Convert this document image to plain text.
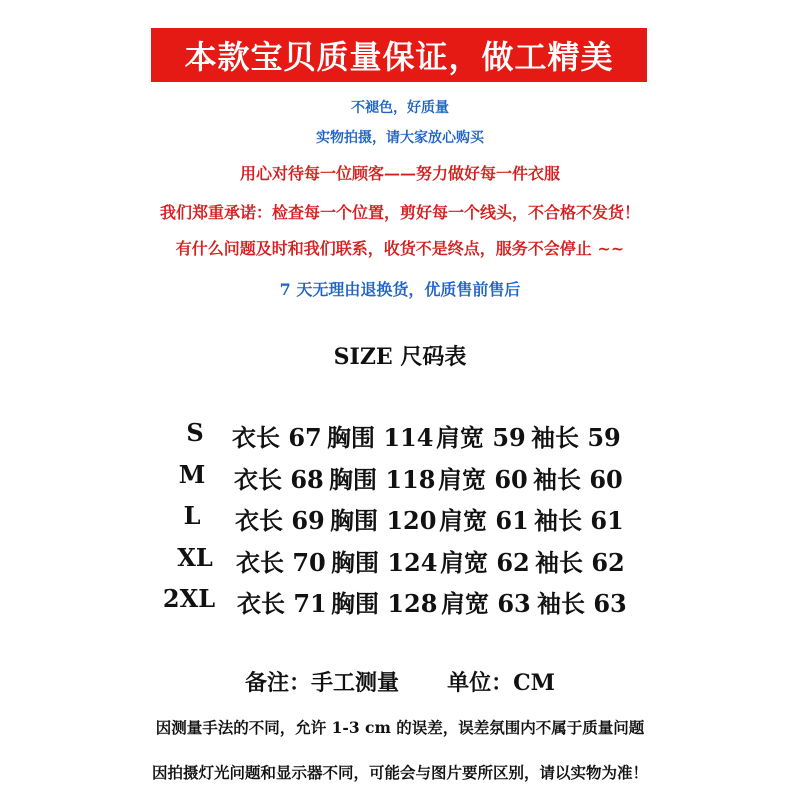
本款宝贝质量保证，做工精美
不褪色，好质量
实物拍摄，请大家放心购买
用心对待每一位顾客——努力做好每一件衣服
我们郑重承诺：检查每一个位置，剪好每一个线头，不合格不发货！
有什么问题及时和我们联系，收货不是终点，服务不会停止 ~~
7 天无理由退换货，优质售前售后
SIZE 尺码表
S	衣长 67 胸围 114 肩宽 59 袖长 59
M	衣长 68 胸围 118 肩宽 60 袖长 60
L	衣长 69 胸围 120 肩宽 61 袖长 61
XL 衣长 70 胸围 124 肩宽 62 袖长 62
2XL 衣长 71 胸围 128 肩宽 63 袖长 63
备注：手工测量 单位：CM
因测量手法的不同，允许 1-3 cm 的误差，误差氛围内不属于质量问题
因拍摄灯光问题和显示器不同，可能会与图片要所区别，请以实物为准！
